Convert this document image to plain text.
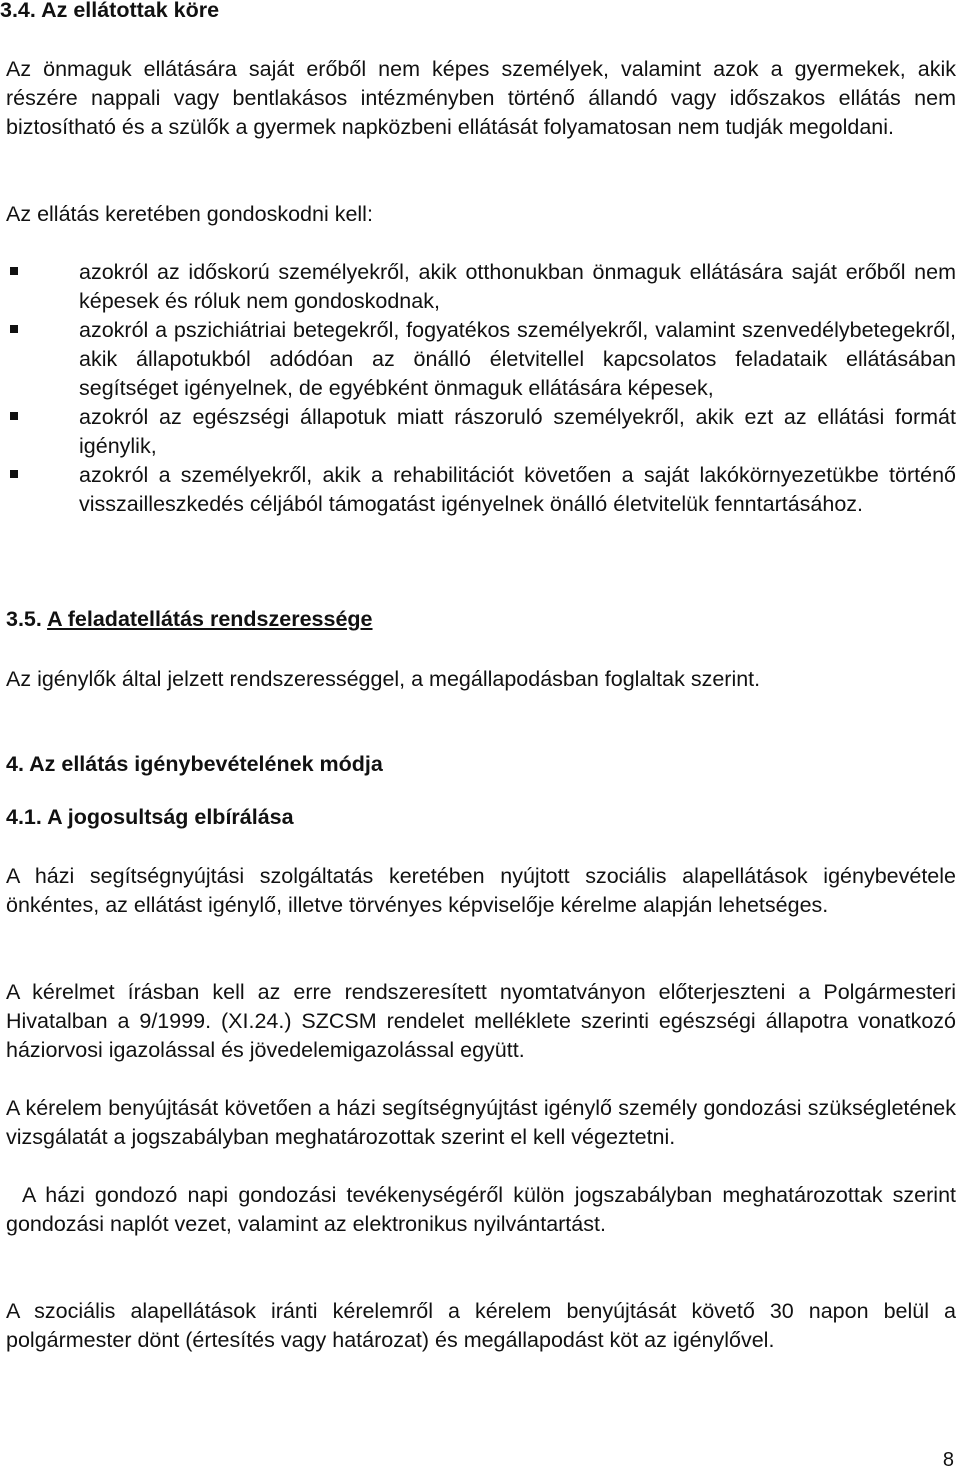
3.4. Az ellátottak köre

Az önmaguk ellátására saját erőből nem képes személyek, valamint azok a gyermekek, akik részére nappali vagy bentlakásos intézményben történő állandó vagy időszakos ellátás nem biztosítható és a szülők a gyermek napközbeni ellátását folyamatosan nem tudják megoldani.

Az ellátás keretében gondoskodni kell:

azokról az időskorú személyekről, akik otthonukban önmaguk ellátására saját erőből nem képesek és róluk nem gondoskodnak,
azokról a pszichiátriai betegekről, fogyatékos személyekről, valamint szenvedélybetegekről, akik állapotukból adódóan az önálló életvitellel kapcsolatos feladataik ellátásában segítséget igényelnek, de egyébként önmaguk ellátására képesek,
azokról az egészségi állapotuk miatt rászoruló személyekről, akik ezt az ellátási formát igénylik,
azokról a személyekről, akik a rehabilitációt követően a saját lakókörnyezetükbe történő visszailleszkedés céljából támogatást igényelnek önálló életvitelük fenntartásához.

3.5. A feladatellátás rendszeressége

Az igénylők által jelzett rendszerességgel, a megállapodásban foglaltak szerint.

4. Az ellátás igénybevételének módja

4.1. A jogosultság elbírálása

A házi segítségnyújtási szolgáltatás keretében nyújtott szociális alapellátások igénybevétele önkéntes, az ellátást igénylő, illetve törvényes képviselője kérelme alapján lehetséges.

A kérelmet írásban kell az erre rendszeresített nyomtatványon előterjeszteni a Polgármesteri Hivatalban a 9/1999. (XI.24.) SZCSM rendelet melléklete szerinti egészségi állapotra vonatkozó háziorvosi igazolással és jövedelemigazolással együtt.

A kérelem benyújtását követően a házi segítségnyújtást igénylő személy gondozási szükségletének vizsgálatát a jogszabályban meghatározottak szerint el kell végeztetni.

A házi gondozó napi gondozási tevékenységéről külön jogszabályban meghatározottak szerint gondozási naplót vezet, valamint az elektronikus nyilvántartást.

A szociális alapellátások iránti kérelemről a kérelem benyújtását követő 30 napon belül a polgármester dönt (értesítés vagy határozat) és megállapodást köt az igénylővel.

8
